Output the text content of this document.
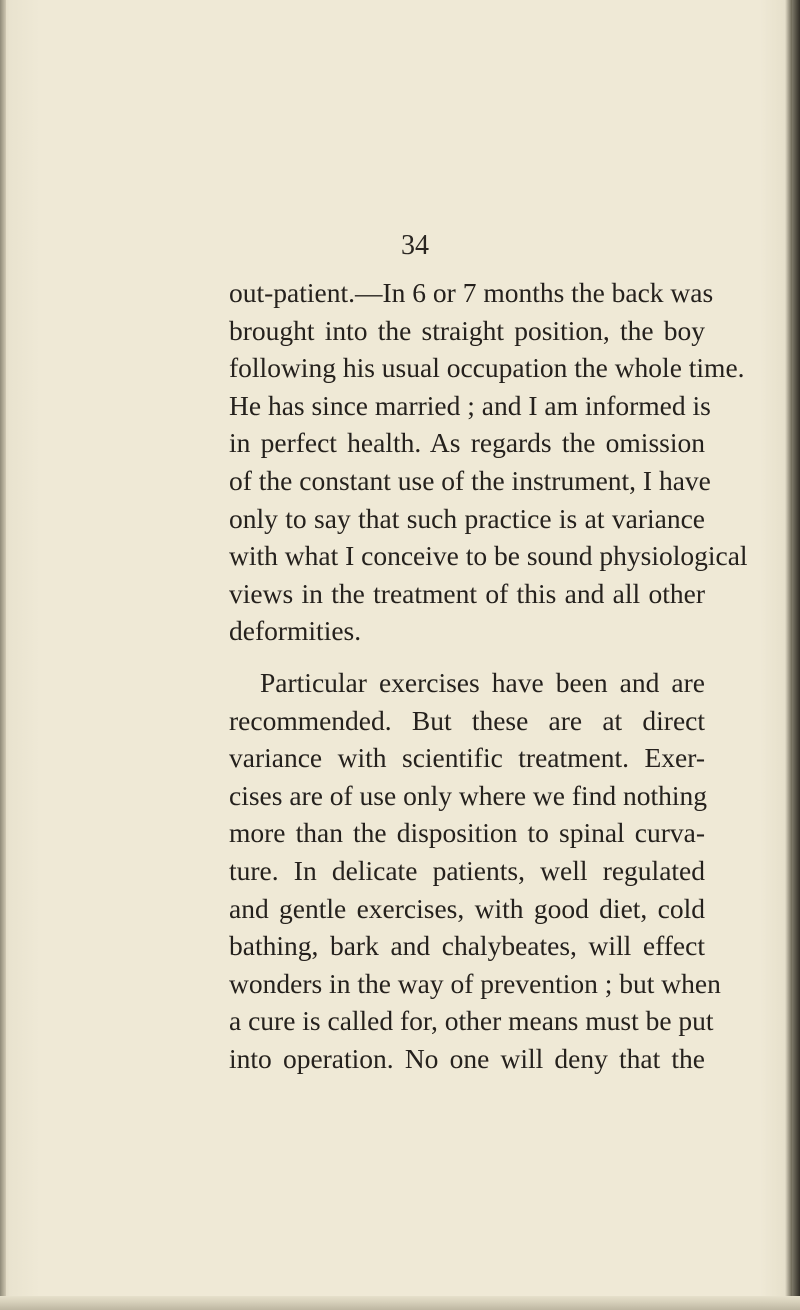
34
out-patient.—In 6 or 7 months the back was
brought into the straight position, the boy
following his usual occupation the whole time.
He has since married ; and I am informed is
in perfect health. As regards the omission
of the constant use of the instrument, I have
only to say that such practice is at variance
with what I conceive to be sound physiological
views in the treatment of this and all other
deformities.
Particular exercises have been and are
recommended. But these are at direct
variance with scientific treatment. Exer-
cises are of use only where we find nothing
more than the disposition to spinal curva-
ture. In delicate patients, well regulated
and gentle exercises, with good diet, cold
bathing, bark and chalybeates, will effect
wonders in the way of prevention ; but when
a cure is called for, other means must be put
into operation. No one will deny that the
